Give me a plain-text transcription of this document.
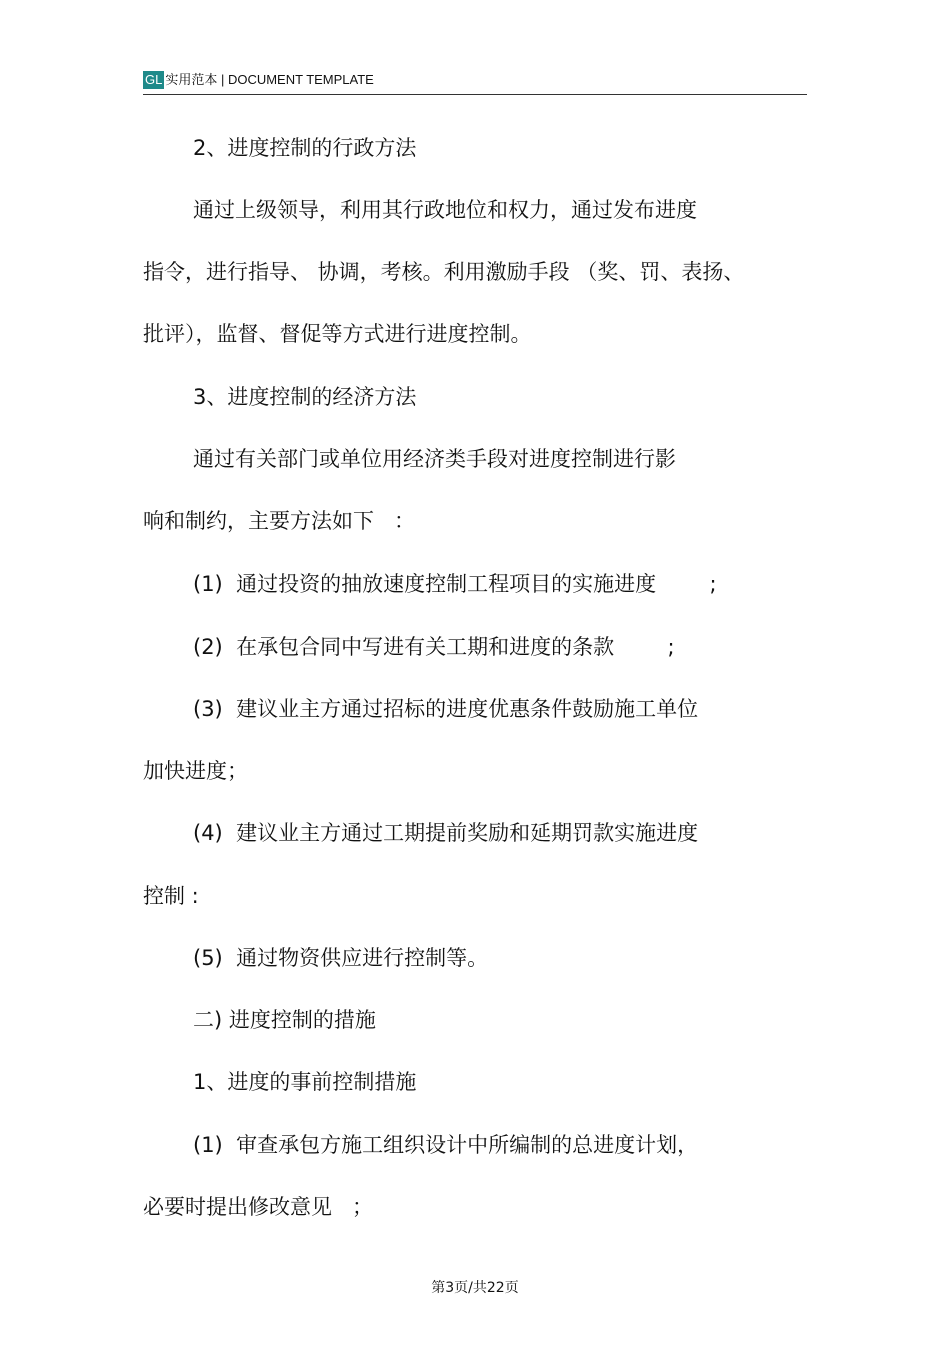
GL 实用范本 | DOCUMENT TEMPLATE
2、进度控制的行政方法
通过上级领导，利用其行政地位和权力，通过发布进度
指令，进行指导、 协调，考核。利用激励手段 （奖、罚、表扬、
批评），监督、督促等方式进行进度控制。
3、进度控制的经济方法
通过有关部门或单位用经济类手段对进度控制进行影
响和制约，主要方法如下   ：
(1)  通过投资的抽放速度控制工程项目的实施进度        ;
(2)  在承包合同中写进有关工期和进度的条款        ;
(3)  建议业主方通过招标的进度优惠条件鼓励施工单位
加快进度；
(4)  建议业主方通过工期提前奖励和延期罚款实施进度
控制 :
(5)  通过物资供应进行控制等。
二) 进度控制的措施
1、进度的事前控制措施
(1)  审查承包方施工组织设计中所编制的总进度计划，
必要时提出修改意见   ；
第3页/共22页
